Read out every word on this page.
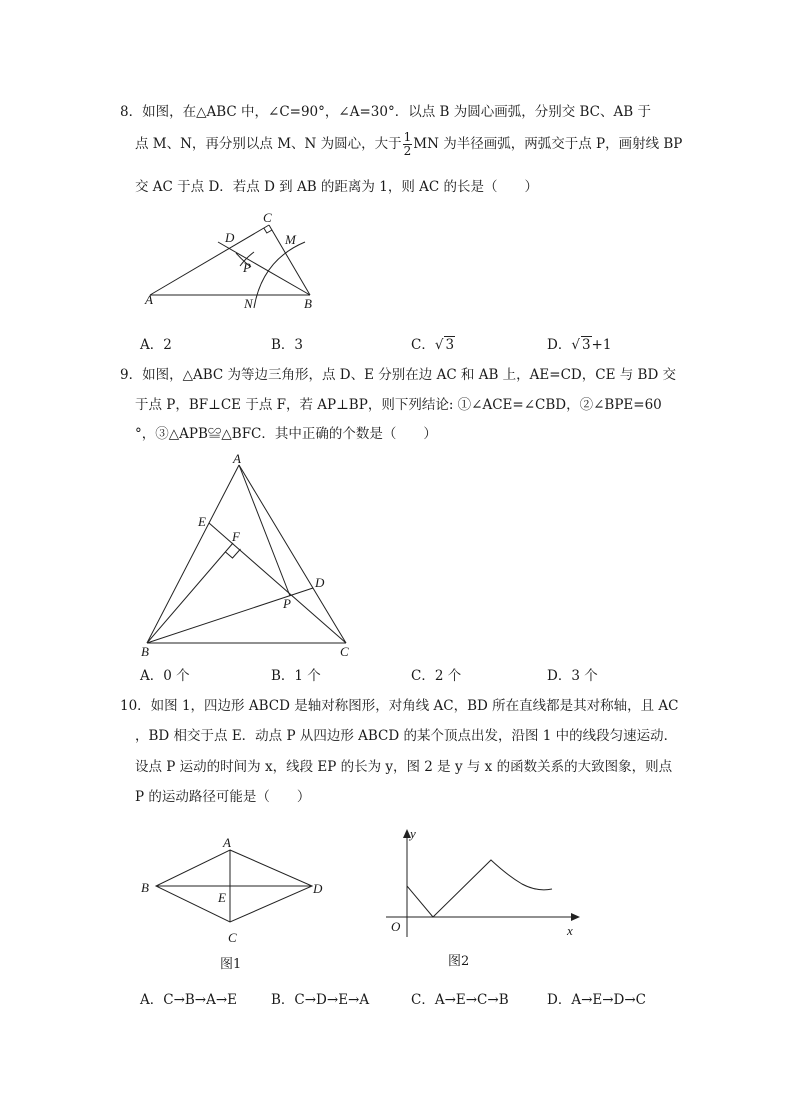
8．如图，在△ABC 中，∠C=90°，∠A=30°．以点 B 为圆心画弧，分别交 BC、AB 于
点 M、N，再分别以点 M、N 为圆心，大于 $\frac{1}{2}$ MN 为半径画弧，两弧交于点 P，画射线 BP
交 AC 于点 D．若点 D 到 AB 的距离为 1，则 AC 的长是（　　）
C
D	M
P
A	N	B
A．2	B．3	C．√ 3	D．√ 3+1
9．如图，△ABC 为等边三角形，点 D、E 分别在边 AC 和 AB 上，AE=CD，CE 与 BD 交
于点 P，BF⊥CE 于点 F，若 AP⊥BP，则下列结论: ①∠ACE=∠CBD，②∠BPE=60
°，③△APB≌△BFC．其中正确的个数是（　　）
A
E
F
D
P
B	C
A．0 个	B．1 个	C．2 个	D．3 个
10．如图 1，四边形 ABCD 是轴对称图形，对角线 AC，BD 所在直线都是其对称轴，且 AC
，BD 相交于点 E．动点 P 从四边形 ABCD 的某个顶点出发，沿图 1 中的线段匀速运动．
设点 P 运动的时间为 x，线段 EP 的长为 y，图 2 是 y 与 x 的函数关系的大致图象，则点
P 的运动路径可能是（　　）
A
B
E
D
C
图1
y
O	x
图2
A．C→B→A→E	B．C→D→E→A	C．A→E→C→B	D．A→E→D→C
